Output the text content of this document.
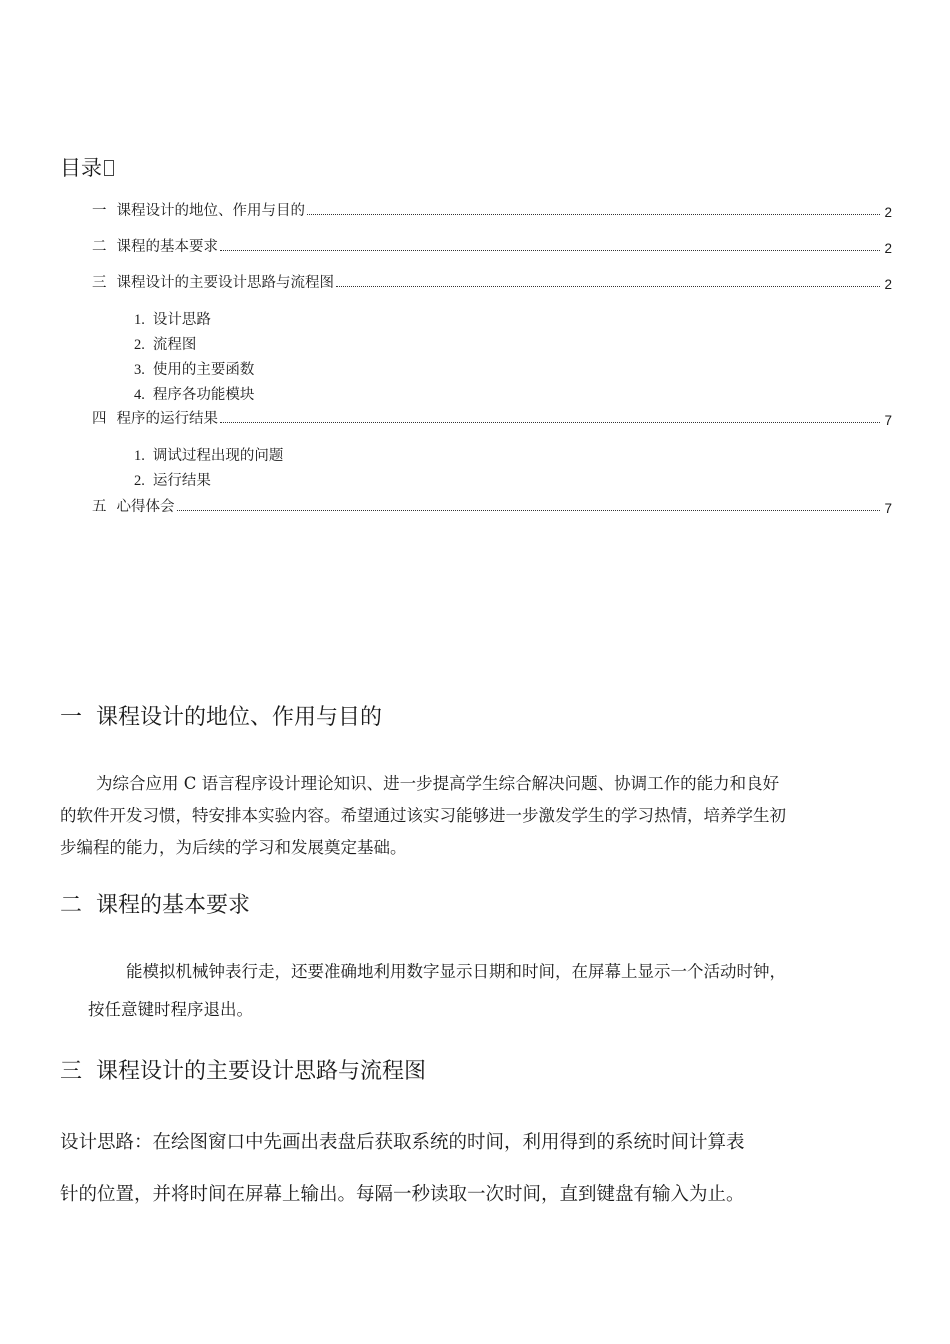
目录
一 课程设计的地位、作用与目的	2
二 课程的基本要求	2
三 课程设计的主要设计思路与流程图	2
1. 设计思路
2. 流程图
3. 使用的主要函数
4. 程序各功能模块
四 程序的运行结果	7
1. 调试过程出现的问题
2. 运行结果
五 心得体会	7
一 课程设计的地位、作用与目的
为综合应用 C 语言程序设计理论知识、进一步提高学生综合解决问题、协调工作的能力和良好
的软件开发习惯，特安排本实验内容。希望通过该实习能够进一步激发学生的学习热情，培养学生初
步编程的能力，为后续的学习和发展奠定基础。
二 课程的基本要求
能模拟机械钟表行走，还要准确地利用数字显示日期和时间，在屏幕上显示一个活动时钟，
按任意键时程序退出。
三 课程设计的主要设计思路与流程图
设计思路：在绘图窗口中先画出表盘后获取系统的时间，利用得到的系统时间计算表
针的位置，并将时间在屏幕上输出。每隔一秒读取一次时间，直到键盘有输入为止。
